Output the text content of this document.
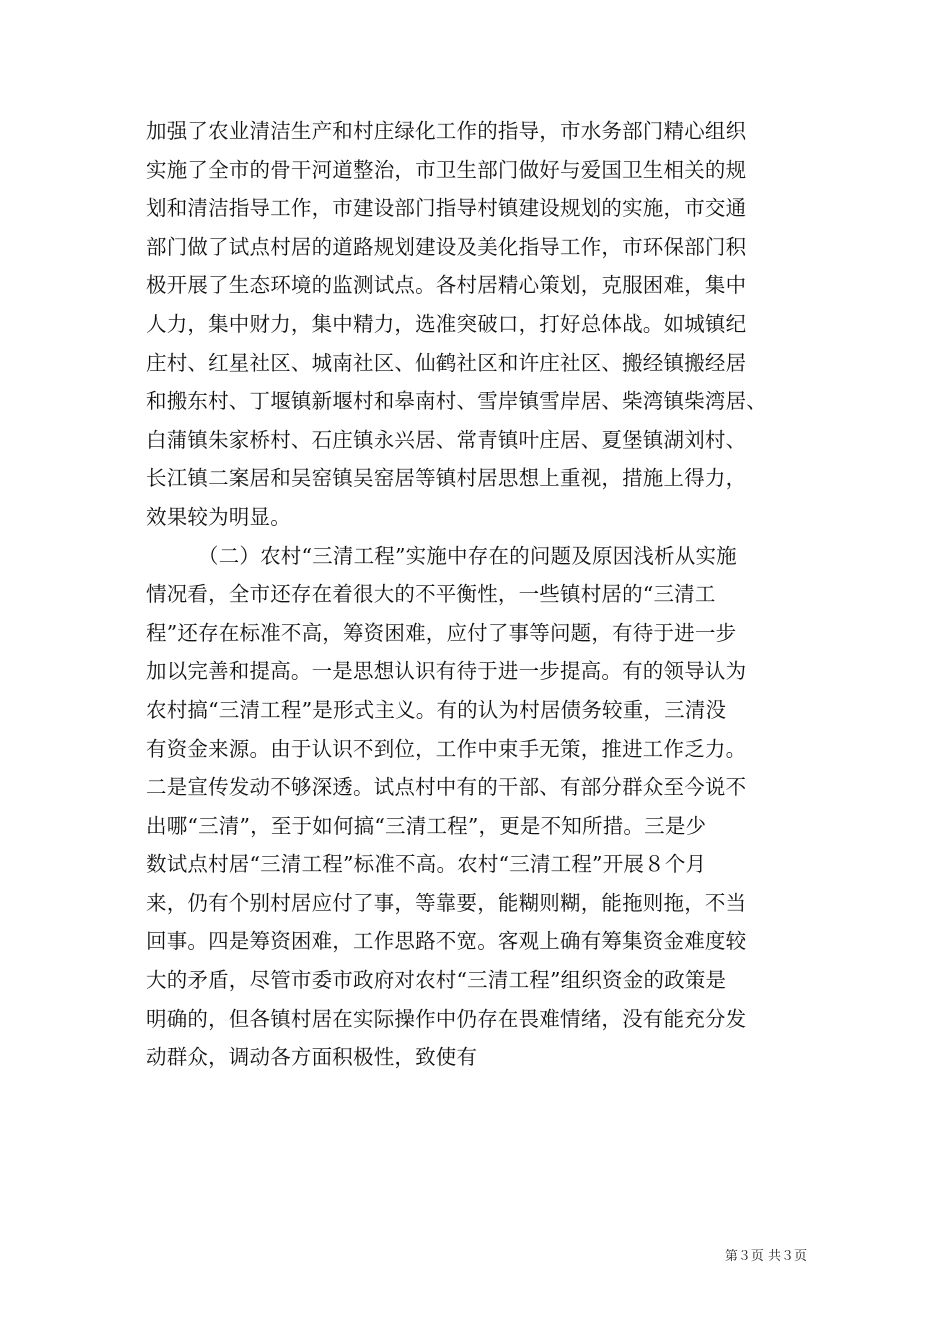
加强了农业清洁生产和村庄绿化工作的指导，市水务部门精心组织
实施了全市的骨干河道整治，市卫生部门做好与爱国卫生相关的规
划和清洁指导工作，市建设部门指导村镇建设规划的实施，市交通
部门做了试点村居的道路规划建设及美化指导工作，市环保部门积
极开展了生态环境的监测试点。各村居精心策划，克服困难，集中
人力，集中财力，集中精力，选准突破口，打好总体战。如城镇纪
庄村、红星社区、城南社区、仙鹤社区和许庄社区、搬经镇搬经居
和搬东村、丁堰镇新堰村和皋南村、雪岸镇雪岸居、柴湾镇柴湾居、
白蒲镇朱家桥村、石庄镇永兴居、常青镇叶庄居、夏堡镇湖刘村、
长江镇二案居和吴窑镇吴窑居等镇村居思想上重视，措施上得力，
效果较为明显。
（二）农村“三清工程”实施中存在的问题及原因浅析从实施
情况看，全市还存在着很大的不平衡性，一些镇村居的“三清工
程”还存在标准不高，筹资困难，应付了事等问题，有待于进一步
加以完善和提高。一是思想认识有待于进一步提高。有的领导认为
农村搞“三清工程”是形式主义。有的认为村居债务较重，三清没
有资金来源。由于认识不到位，工作中束手无策，推进工作乏力。
二是宣传发动不够深透。试点村中有的干部、有部分群众至今说不
出哪“三清”，至于如何搞“三清工程”，更是不知所措。三是少
数试点村居“三清工程”标准不高。农村“三清工程”开展８个月
来，仍有个别村居应付了事，等靠要，能糊则糊，能拖则拖，不当
回事。四是筹资困难，工作思路不宽。客观上确有筹集资金难度较
大的矛盾，尽管市委市政府对农村“三清工程”组织资金的政策是
明确的，但各镇村居在实际操作中仍存在畏难情绪，没有能充分发
动群众，调动各方面积极性，致使有
第３页 共３页
